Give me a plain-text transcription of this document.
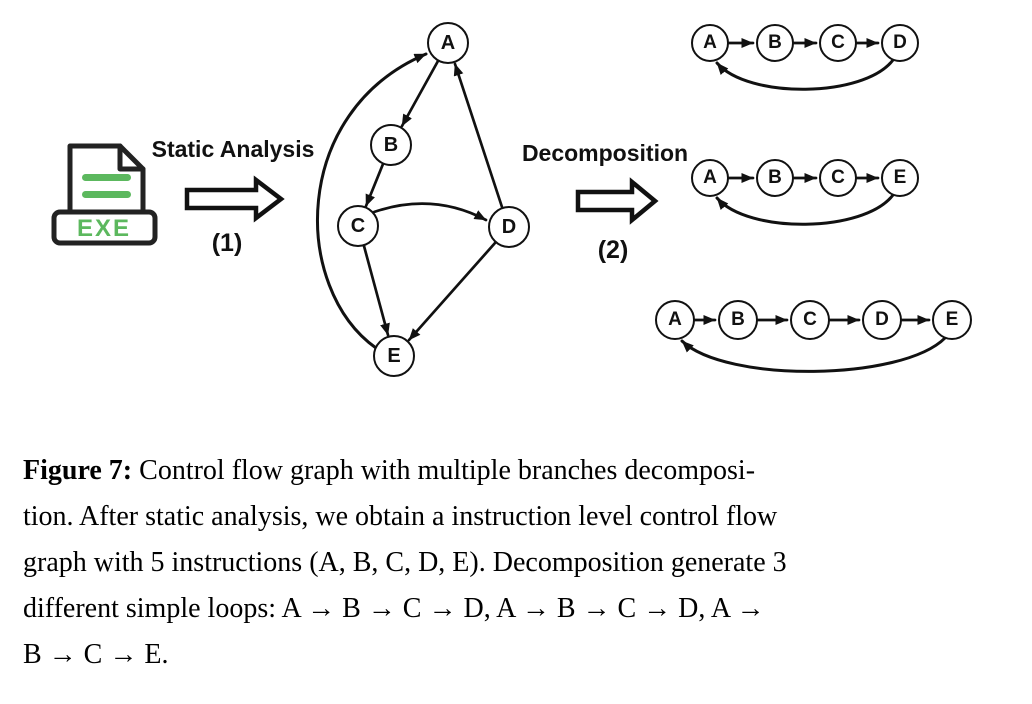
EXE
Static Analysis
(1)
Decomposition
(2)
A
B
C	D
E
A	B	C	D
A	B	C	E
A	B	C	D	E
Figure 7: Control flow graph with multiple branches decomposi-
tion. After static analysis, we obtain a instruction level control flow
graph with 5 instructions (A, B, C, D, E). Decomposition generate 3
different simple loops: A → B → C → D, A → B → C → D, A →
B → C → E.
